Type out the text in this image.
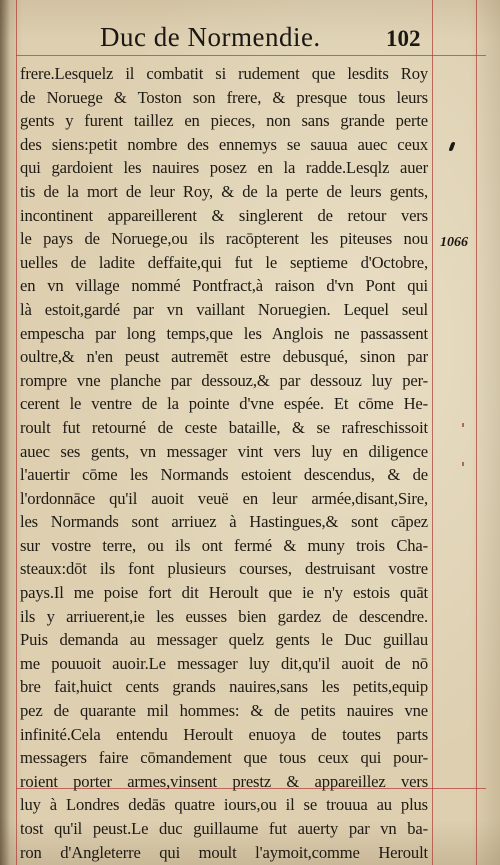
Duc de Normendie.	102
1066
frere.Lesquelz il combatit si rudement que lesdits Roy
de Noruege & Toston son frere, & presque tous leurs
gents y furent taillez en pieces, non sans grande perte
des siens:petit nombre des ennemys se sauua auec ceux
qui gardoient les nauires posez en la radde.Lesqlz auer
tis de la mort de leur Roy, & de la perte de leurs gents,
incontinent appareillerent & singlerent de retour vers
le pays de Noruege,ou ils racōpterent les piteuses nou
uelles de ladite deffaite,qui fut le septieme d'Octobre,
en vn village nommé Pontfract,à raison d'vn Pont qui
là estoit,gardé par vn vaillant Noruegien. Lequel seul
empescha par long temps,que les Anglois ne passassent
oultre,& n'en peust autremēt estre debusqué, sinon par
rompre vne planche par dessouz,& par dessouz luy per-
cerent le ventre de la pointe d'vne espée. Et cōme He-
roult fut retourné de ceste bataille, & se rafreschissoit
auec ses gents, vn messager vint vers luy en diligence
l'auertir cōme les Normands estoient descendus, & de
l'ordonnāce qu'il auoit veuë en leur armée,disant,Sire,
les Normands sont arriuez à Hastingues,& sont cāpez
sur vostre terre, ou ils ont fermé & muny trois Cha-
steaux:dōt ils font plusieurs courses, destruisant vostre
pays.Il me poise fort dit Heroult que ie n'y estois quāt
ils y arriuerent,ie les eusses bien gardez de descendre.
Puis demanda au messager quelz gents le Duc guillau
me pouuoit auoir.Le messager luy dit,qu'il auoit de nō
bre fait,huict cents grands nauires,sans les petits,equip
pez de quarante mil hommes: & de petits nauires vne
infinité.Cela entendu Heroult enuoya de toutes parts
messagers faire cōmandement que tous ceux qui pour-
roient porter armes,vinsent prestz & appareillez vers
luy à Londres dedās quatre iours,ou il se trouua au plus
tost qu'il peust.Le duc guillaume fut auerty par vn ba-
ron d'Angleterre qui moult l'aymoit,comme Heroult
